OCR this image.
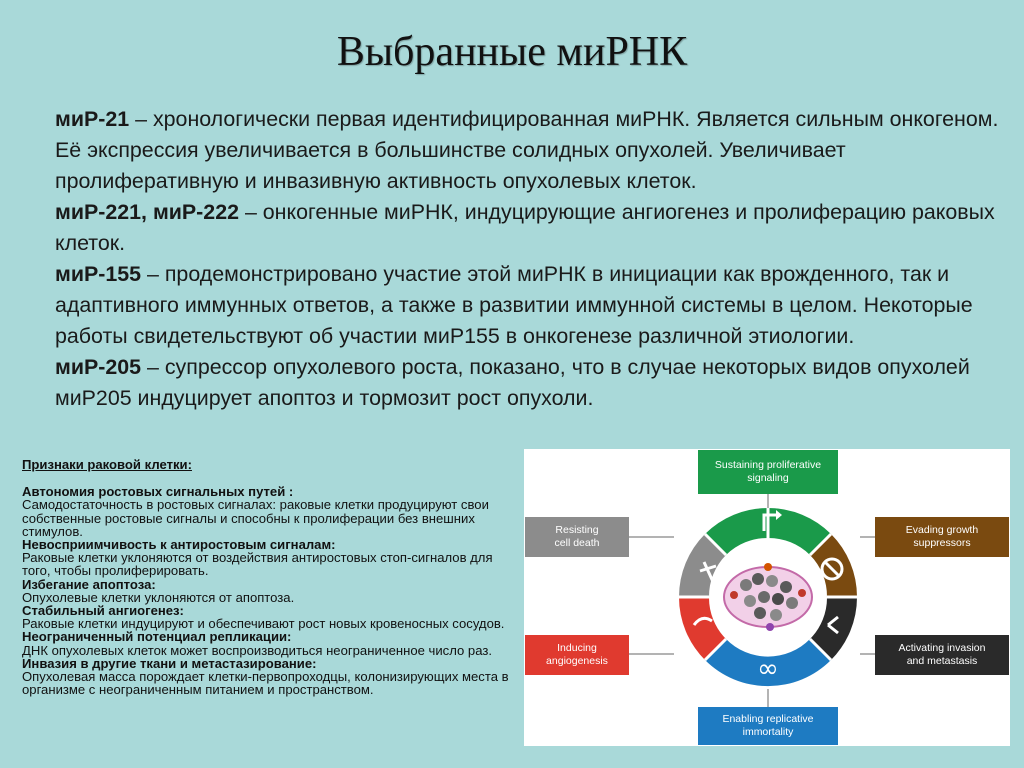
Выбранные миРНК

миР-21 – хронологически первая идентифицированная миРНК. Является сильным онкогеном. Её экспрессия увеличивается в большинстве солидных опухолей. Увеличивает пролиферативную и инвазивную активность опухолевых клеток.

миР-221, миР-222 – онкогенные миРНК, индуцирующие ангиогенез и пролиферацию раковых клеток.

миР-155 – продемонстрировано участие этой миРНК в инициации как врожденного, так и адаптивного иммунных ответов, а также в развитии иммунной системы в целом. Некоторые работы свидетельствуют об участии миР155 в онкогенезе различной этиологии.

миР-205 – супрессор опухолевого роста, показано, что в случае некоторых видов опухолей миР205 индуцирует апоптоз и тормозит рост опухоли.

Признаки раковой клетки:
Автономия ростовых сигнальных путей :
Самодостаточность в ростовых сигналах: раковые клетки продуцируют свои собственные ростовые сигналы и способны к пролиферации без внешних стимулов.
Невосприимчивость к антиростовым сигналам:
Раковые клетки уклоняются от воздействия антиростовых стоп-сигналов для того, чтобы пролиферировать.
Избегание апоптоза:
Опухолевые клетки уклоняются от апоптоза.
Стабильный ангиогенез:
Раковые клетки индуцируют и обеспечивают рост новых кровеносных сосудов.
Неограниченный потенциал репликации:
ДНК опухолевых клеток может воспроизводиться неограниченное число раз.
Инвазия в другие ткани и метастазирование:
Опухолевая масса порождает клетки-первопроходцы, колонизирующих места в организме с неограниченным питанием и пространством.
∞
Sustaining proliferative
signaling
Resisting
cell death
Evading growth
suppressors
Inducing
angiogenesis
Activating invasion
and metastasis
Enabling replicative
immortality
